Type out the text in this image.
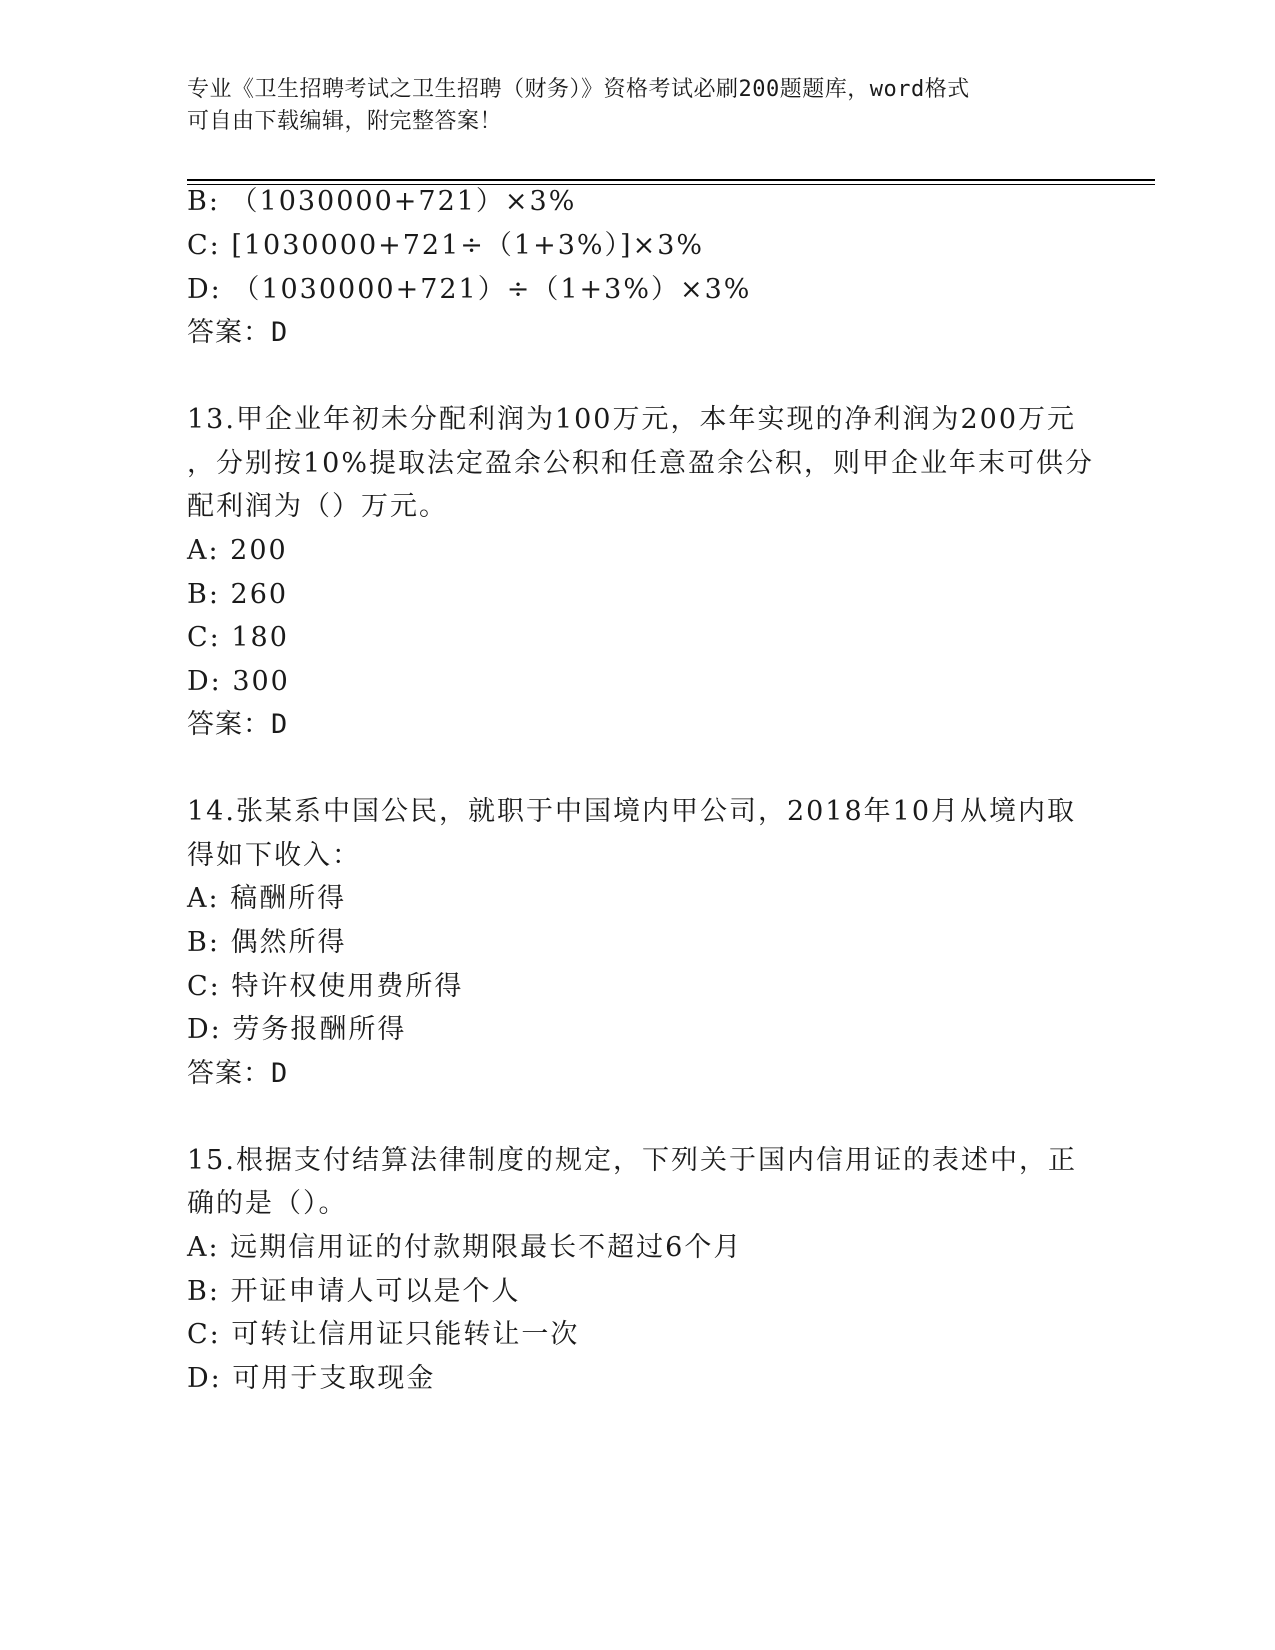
专业《卫生招聘考试之卫生招聘（财务）》资格考试必刷200题题库，word格式
可自由下载编辑，附完整答案！
B: （1030000+721）×3%
C: [1030000+721÷（1+3%）]×3%
D: （1030000+721）÷（1+3%）×3%
答案：D
13.甲企业年初未分配利润为100万元，本年实现的净利润为200万元
，分别按10%提取法定盈余公积和任意盈余公积，则甲企业年末可供分
配利润为（）万元。
A: 200
B: 260
C: 180
D: 300
答案：D
14.张某系中国公民，就职于中国境内甲公司，2018年10月从境内取
得如下收入：
A: 稿酬所得
B: 偶然所得
C: 特许权使用费所得
D: 劳务报酬所得
答案：D
15.根据支付结算法律制度的规定，下列关于国内信用证的表述中，正
确的是（）。
A: 远期信用证的付款期限最长不超过6个月
B: 开证申请人可以是个人
C: 可转让信用证只能转让一次
D: 可用于支取现金
